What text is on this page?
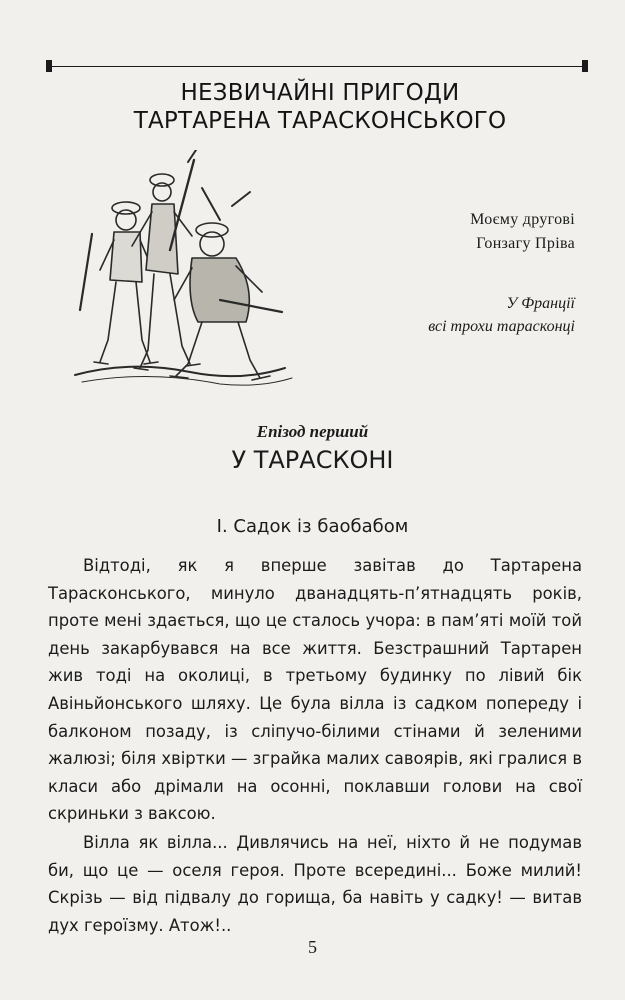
НЕЗВИЧАЙНІ ПРИГОДИ
ТАРТАРЕНА ТАРАСКОНСЬКОГО
Моєму другові
Гонзагу Пріва
У Франції
всі трохи тарасконці
Епізод перший
У ТАРАСКОНІ
I. Садок із баобабом

Відтоді, як я вперше завітав до Тартарена Тарасконського, минуло дванадцять-п’ятнадцять років, проте мені здається, що це сталось учора: в пам’яті моїй той день закарбувався на все життя. Безстрашний Тартарен жив тоді на околиці, в третьому будинку по лівий бік Авіньйонського шляху. Це була вілла із садком попереду і балконом позаду, із сліпучо-білими стінами й зеленими жалюзі; біля хвіртки — зграйка малих савоярів, які гралися в класи або дрімали на осонні, поклавши голови на свої скриньки з ваксою.

Вілла як вілла... Дивлячись на неї, ніхто й не подумав би, що це — оселя героя. Проте всередині... Боже милий! Скрізь — від підвалу до горища, ба навіть у садку! — витав дух героїзму. Атож!..

5
